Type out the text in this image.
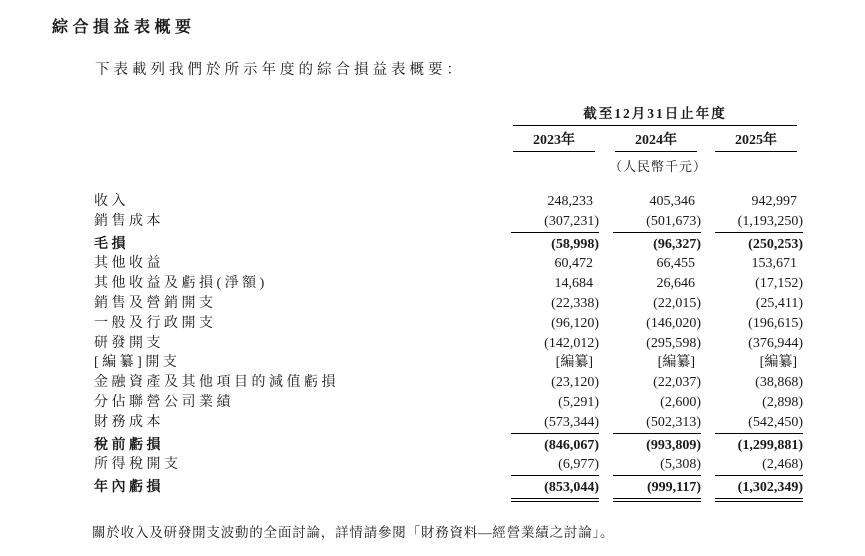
綜合損益表概要

下表載列我們於所示年度的綜合損益表概要：

截至12月31日止年度
2023年	2024年	2025年
（人民幣千元）
收入	248,233	405,346	942,997
銷售成本	(307,231)	(501,673)	(1,193,250)
毛損	(58,998)	(96,327)	(250,253)
其他收益	60,472	66,455	153,671
其他收益及虧損(淨額)	14,684	26,646	(17,152)
銷售及營銷開支	(22,338)	(22,015)	(25,411)
一般及行政開支	(96,120)	(146,020)	(196,615)
研發開支	(142,012)	(295,598)	(376,944)
[編纂]開支	[編纂]	[編纂]	[編纂]
金融資產及其他項目的減值虧損	(23,120)	(22,037)	(38,868)
分佔聯營公司業績	(5,291)	(2,600)	(2,898)
財務成本	(573,344)	(502,313)	(542,450)
稅前虧損	(846,067)	(993,809)	(1,299,881)
所得稅開支	(6,977)	(5,308)	(2,468)
年內虧損	(853,044)	(999,117)	(1,302,349)

關於收入及研發開支波動的全面討論，詳情請參閱「財務資料—經營業績之討論」。
